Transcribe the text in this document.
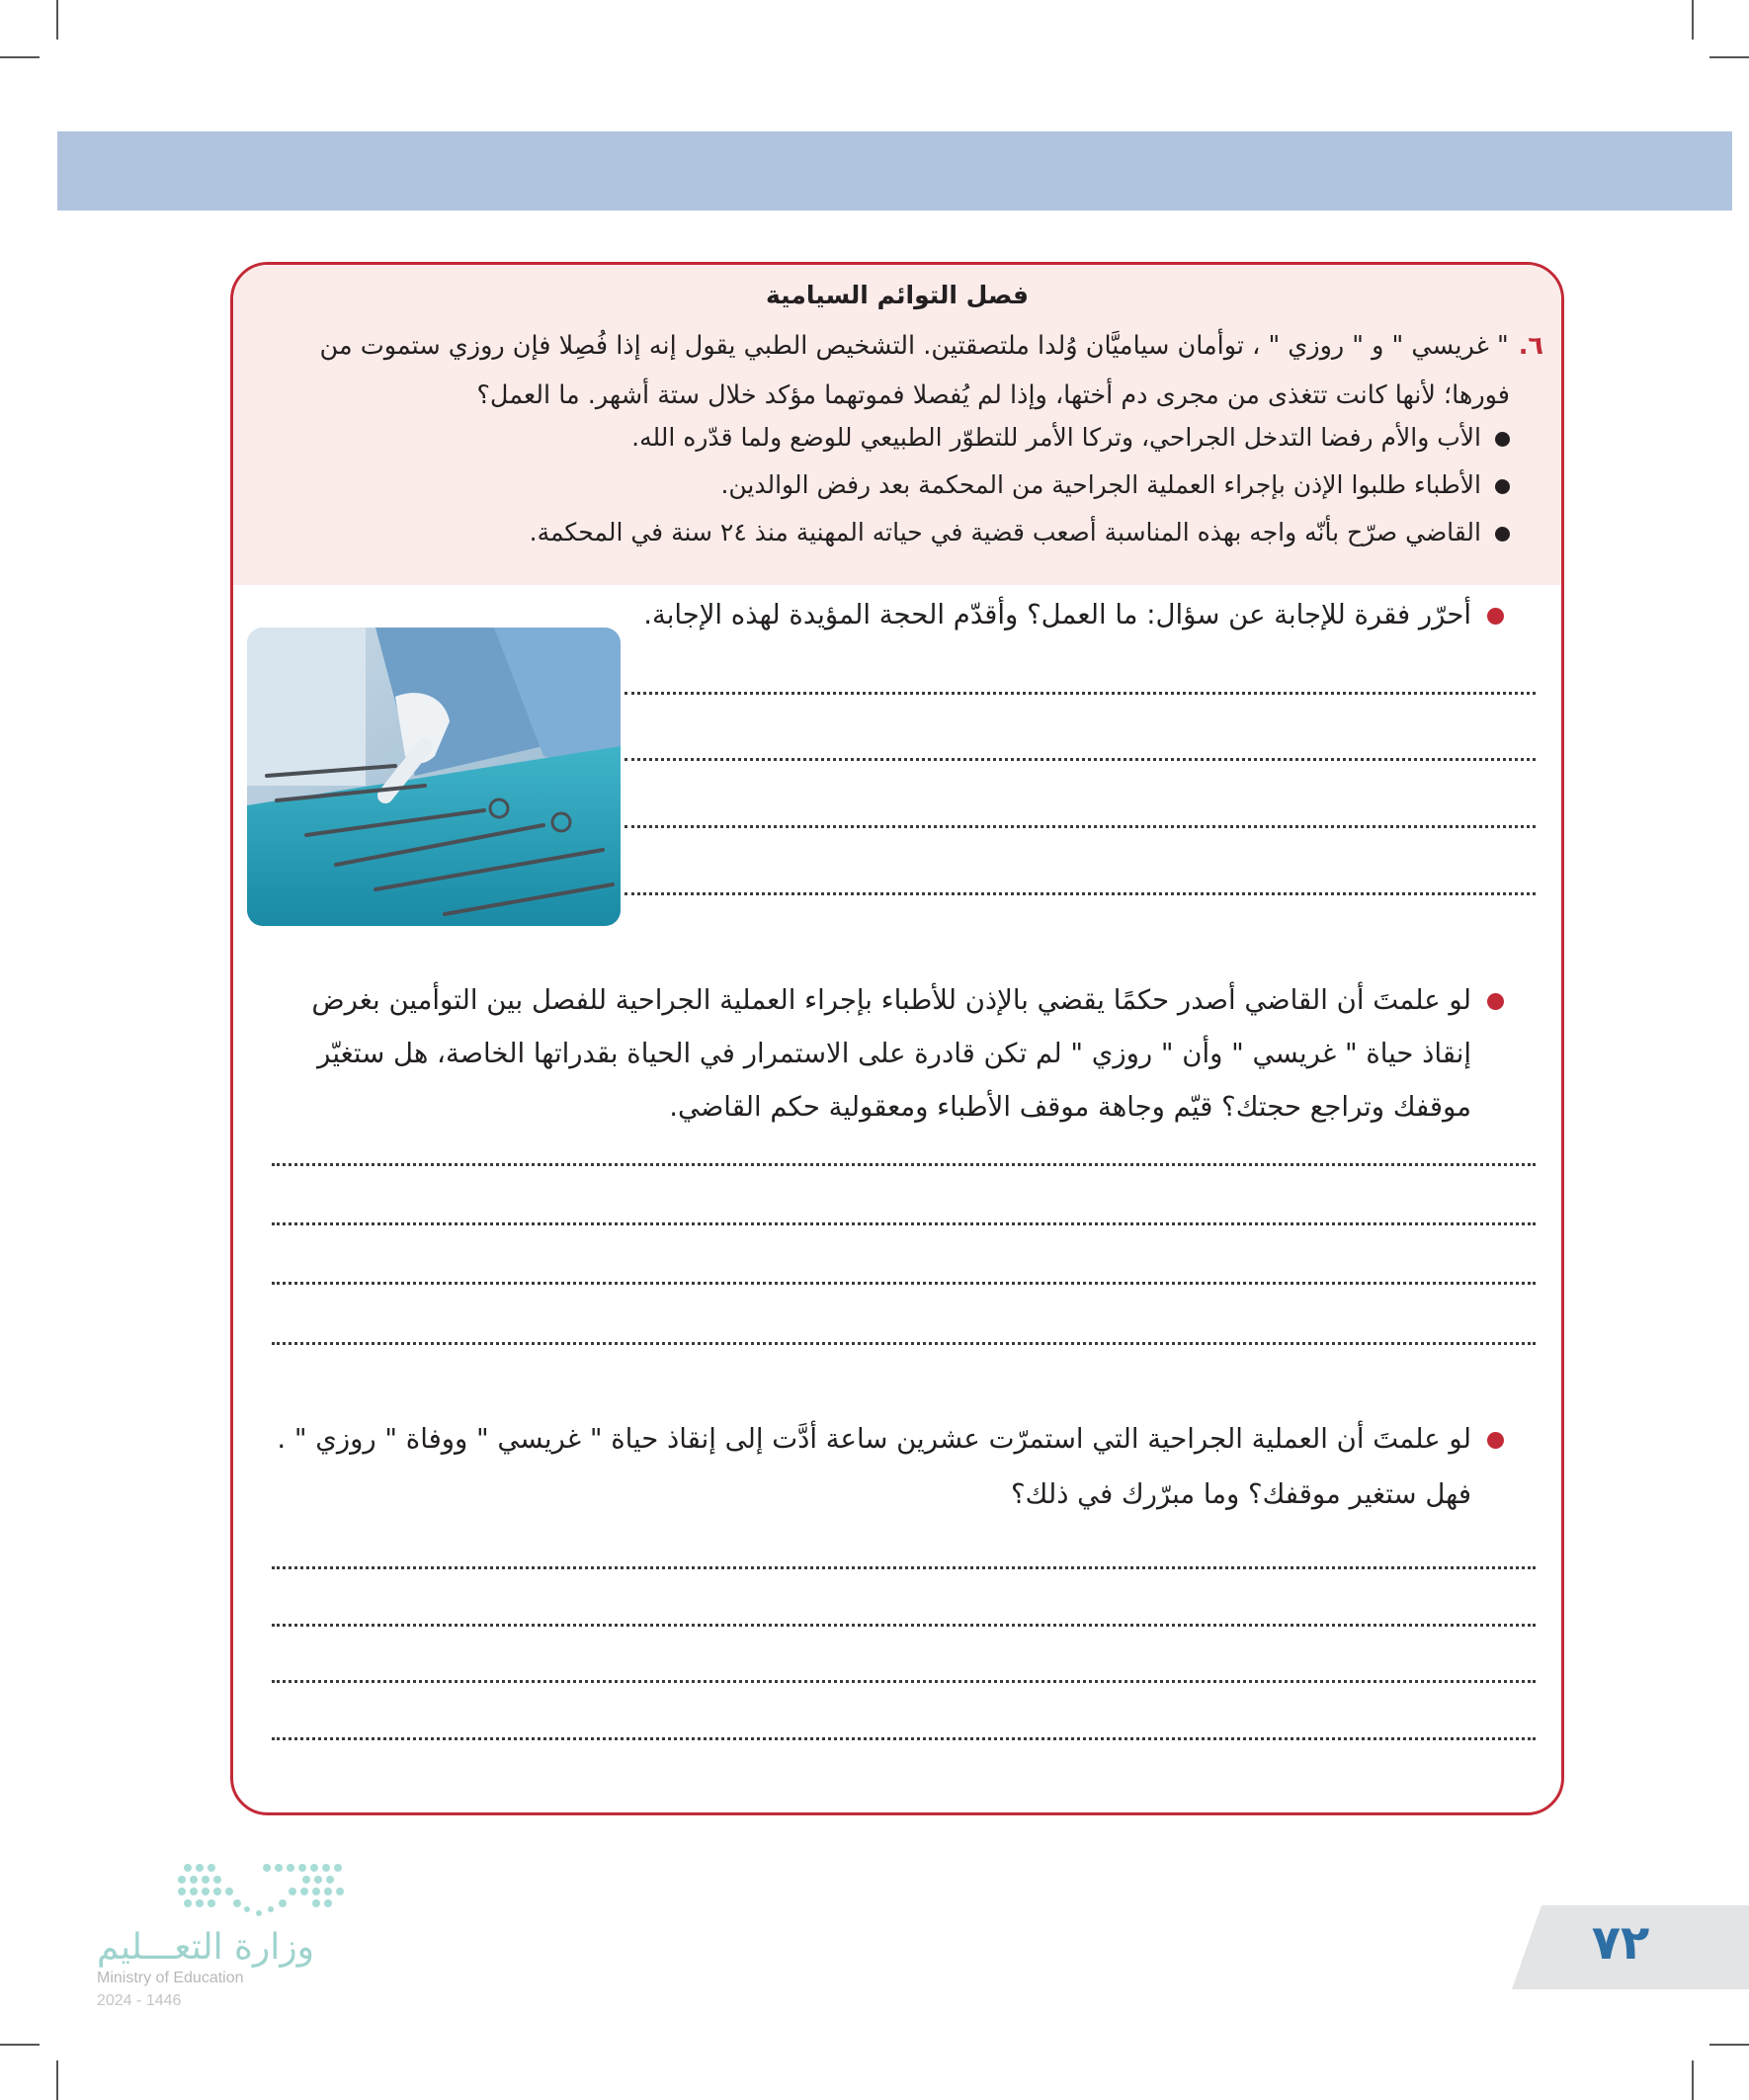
فصل التوائم السيامية
٦." غريسي " و " روزي " ، توأمان سياميَّان وُلدا ملتصقتين. التشخيص الطبي يقول إنه إذا فُصِلا فإن روزي ستموت من
فورها؛ لأنها كانت تتغذى من مجرى دم أختها، وإذا لم يُفصلا فموتهما مؤكد خلال ستة أشهر. ما العمل؟
الأب والأم رفضا التدخل الجراحي، وتركا الأمر للتطوّر الطبيعي للوضع ولما قدّره الله.
الأطباء طلبوا الإذن بإجراء العملية الجراحية من المحكمة بعد رفض الوالدين.
القاضي صرّح بأنّه واجه بهذه المناسبة أصعب قضية في حياته المهنية منذ ٢٤ سنة في المحكمة.
أحرّر فقرة للإجابة عن سؤال: ما العمل؟ وأقدّم الحجة المؤيدة لهذه الإجابة.
لو علمتَ أن القاضي أصدر حكمًا يقضي بالإذن للأطباء بإجراء العملية الجراحية للفصل بين التوأمين بغرض
إنقاذ حياة " غريسي " وأن " روزي " لم تكن قادرة على الاستمرار في الحياة بقدراتها الخاصة، هل ستغيّر
موقفك وتراجع حجتك؟ قيّم وجاهة موقف الأطباء ومعقولية حكم القاضي.
لو علمتَ أن العملية الجراحية التي استمرّت عشرين ساعة أدَّت إلى إنقاذ حياة " غريسي " ووفاة " روزي " .
فهل ستغير موقفك؟ وما مبرّرك في ذلك؟
وزارة التعـــليم
Ministry of Education
2024 - 1446
٧٢
